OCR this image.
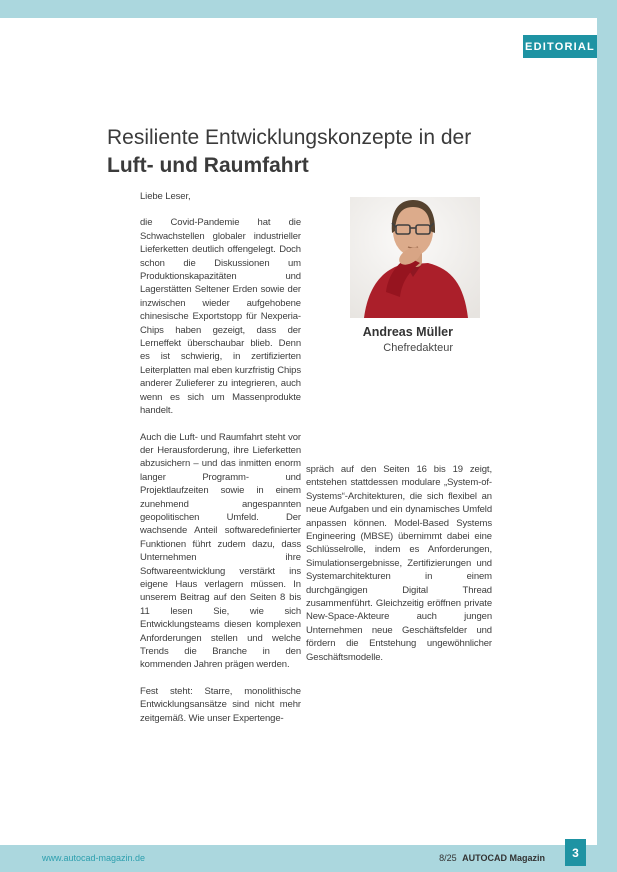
EDITORIAL
Resiliente Entwicklungskonzepte in der
Luft- und Raumfahrt

Liebe Leser,

die Covid-Pandemie hat die Schwachstellen globaler industrieller Lieferketten deutlich offengelegt. Doch schon die Diskussionen um Produktionskapazitäten und Lagerstätten Seltener Erden sowie der inzwischen wieder aufgehobene chinesische Exportstopp für Nexperia-Chips haben gezeigt, dass der Lerneffekt überschaubar blieb. Denn es ist schwierig, in zertifizierten Leiterplatten mal eben kurzfristig Chips anderer Zulieferer zu integrieren, auch wenn es sich um Massenprodukte handelt.

Auch die Luft- und Raumfahrt steht vor der Herausforderung, ihre Lieferketten abzusichern – und das inmitten enorm langer Programm- und Projektlaufzeiten sowie in einem zunehmend angespannten geopolitischen Umfeld. Der wachsende Anteil softwaredefinierter Funktionen führt zudem dazu, dass Unternehmen ihre Softwareentwicklung verstärkt ins eigene Haus verlagern müssen. In unserem Beitrag auf den Seiten 8 bis 11 lesen Sie, wie sich Entwicklungsteams diesen komplexen Anforderungen stellen und welche Trends die Branche in den kommenden Jahren prägen werden.

Fest steht: Starre, monolithische Entwicklungsansätze sind nicht mehr zeitgemäß. Wie unser Expertenge-

spräch auf den Seiten 16 bis 19 zeigt, entstehen stattdessen modulare „System-of-Systems“-Architekturen, die sich flexibel an neue Aufgaben und ein dynamisches Umfeld anpassen können. Model-Based Systems Engineering (MBSE) übernimmt dabei eine Schlüsselrolle, indem es Anforderungen, Simulationsergebnisse, Zertifizierungen und Systemarchitekturen in einem durchgängigen Digital Thread zusammenführt. Gleichzeitig eröffnen private New-Space-Akteure auch jungen Unternehmen neue Geschäftsfelder und fördern die Entstehung ungewöhnlicher Geschäftsmodelle.

Andreas Müller
Chefredakteur
www.autocad-magazin.de	8/25 AUTOCAD Magazin 3
